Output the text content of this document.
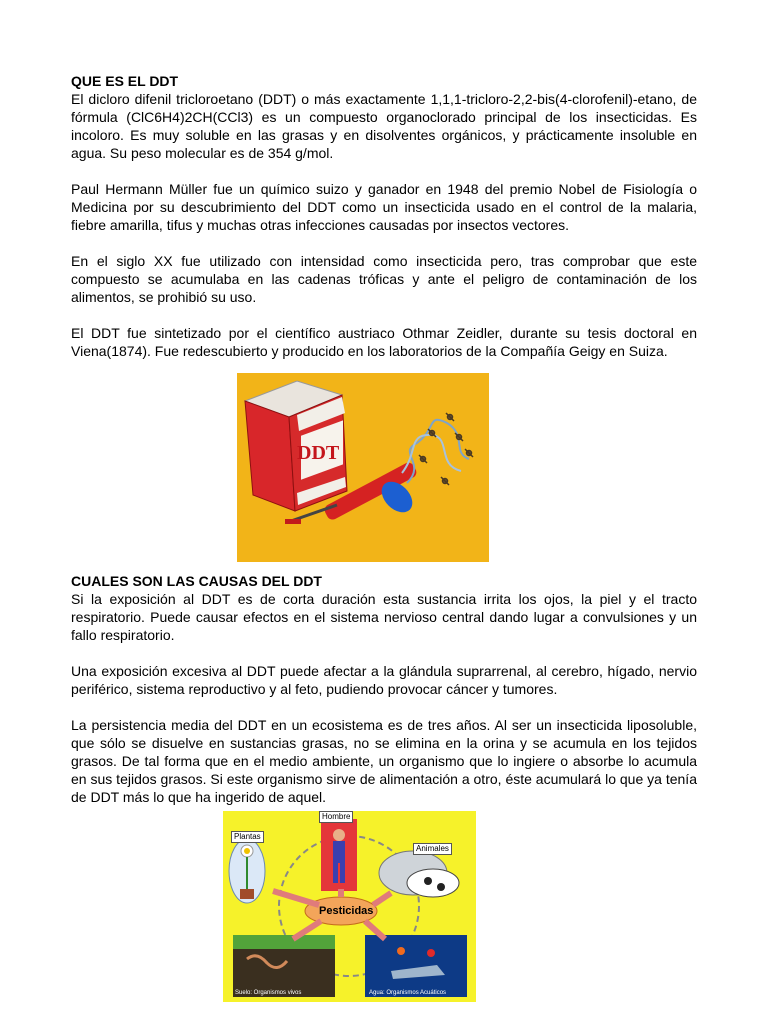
QUE ES EL DDT

El dicloro difenil tricloroetano (DDT) o más exactamente 1,1,1-tricloro-2,2-bis(4-clorofenil)-etano, de fórmula (ClC6H4)2CH(CCl3) es un compuesto organoclorado principal de los insecticidas. Es incoloro. Es muy soluble en las grasas y en disolventes orgánicos, y prácticamente insoluble en agua. Su peso molecular es de 354 g/mol.

Paul Hermann Müller fue un químico suizo y ganador en 1948 del premio Nobel de Fisiología o Medicina por su descubrimiento del DDT como un insecticida usado en el control de la malaria, fiebre amarilla, tifus y muchas otras infecciones causadas por insectos vectores.

En el siglo XX fue utilizado con intensidad como insecticida pero, tras comprobar que este compuesto se acumulaba en las cadenas tróficas y ante el peligro de contaminación de los alimentos, se prohibió su uso.

El DDT fue sintetizado por el científico austriaco Othmar Zeidler, durante su tesis doctoral en Viena(1874). Fue redescubierto y producido en los laboratorios de la Compañía Geigy en Suiza.

DDT

CUALES SON LAS CAUSAS DEL DDT

Si la exposición al DDT es de corta duración esta sustancia irrita los ojos, la piel y el tracto respiratorio. Puede causar efectos en el sistema nervioso central dando lugar a convulsiones y un fallo respiratorio.

Una exposición excesiva al DDT puede afectar a la glándula suprarrenal, al cerebro, hígado, nervio periférico, sistema reproductivo y al feto, pudiendo provocar cáncer y tumores.

La persistencia media del DDT en un ecosistema es de tres años. Al ser un insecticida liposoluble, que sólo se disuelve en sustancias grasas, no se elimina en la orina y se acumula en los tejidos grasos. De tal forma que en el medio ambiente, un organismo que lo ingiere o absorbe lo acumula en sus tejidos grasos. Si este organismo sirve de alimentación a otro, éste acumulará lo que ya tenía de DDT más lo que ha ingerido de aquel.

Plantas
Hombre
Animales
Pesticidas
Suelo: Organismos vivos	Agua: Organismos Acuáticos
